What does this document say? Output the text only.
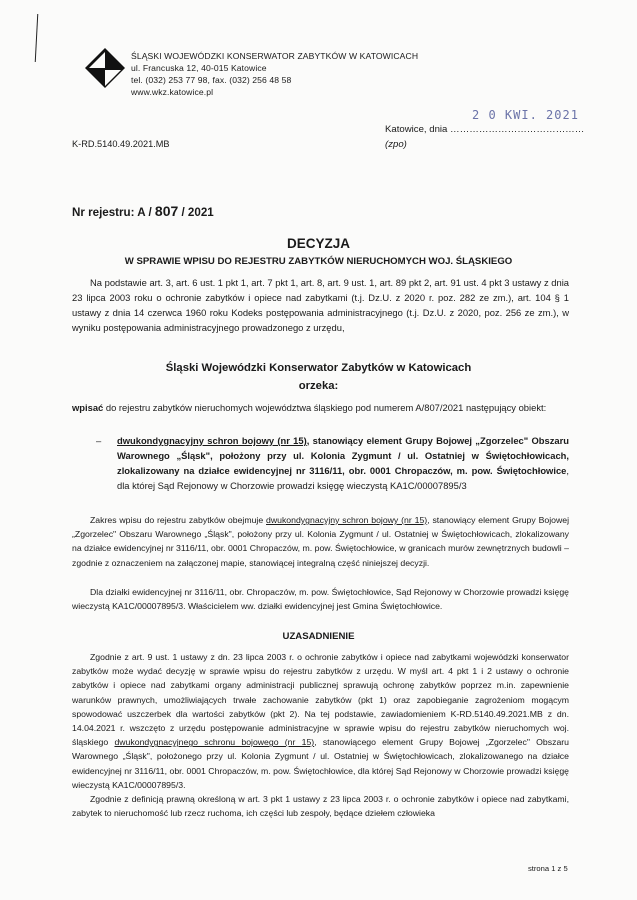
ŚLĄSKI WOJEWÓDZKI KONSERWATOR ZABYTKÓW W KATOWICACH
ul. Francuska 12, 40-015 Katowice
tel. (032) 253 77 98, fax. (032) 256 48 58
www.wkz.katowice.pl
2 0 KWI. 2021
Katowice, dnia ……………………………………
(zpo)
K-RD.5140.49.2021.MB
Nr rejestru: A / 807 / 2021
DECYZJA
W SPRAWIE WPISU DO REJESTRU ZABYTKÓW NIERUCHOMYCH WOJ. ŚLĄSKIEGO
Na podstawie art. 3, art. 6 ust. 1 pkt 1, art. 7 pkt 1, art. 8, art. 9 ust. 1, art. 89 pkt 2, art. 91 ust. 4 pkt 3 ustawy z dnia 23 lipca 2003 roku o ochronie zabytków i opiece nad zabytkami (t.j. Dz.U. z 2020 r. poz. 282 ze zm.), art. 104 § 1 ustawy z dnia 14 czerwca 1960 roku Kodeks postępowania administracyjnego (t.j. Dz.U. z 2020, poz. 256 ze zm.), w wyniku postępowania administracyjnego prowadzonego z urzędu,
Śląski Wojewódzki Konserwator Zabytków w Katowicach
orzeka:
wpisać do rejestru zabytków nieruchomych województwa śląskiego pod numerem A/807/2021 następujący obiekt:
– dwukondygnacyjny schron bojowy (nr 15), stanowiący element Grupy Bojowej „Zgorzelec" Obszaru Warownego „Śląsk", położony przy ul. Kolonia Zygmunt / ul. Ostatniej w Świętochłowicach, zlokalizowany na działce ewidencyjnej nr 3116/11, obr. 0001 Chropaczów, m. pow. Świętochłowice, dla której Sąd Rejonowy w Chorzowie prowadzi księgę wieczystą KA1C/00007895/3
Zakres wpisu do rejestru zabytków obejmuje dwukondygnacyjny schron bojowy (nr 15), stanowiący element Grupy Bojowej „Zgorzelec" Obszaru Warownego „Śląsk", położony przy ul. Kolonia Zygmunt / ul. Ostatniej w Świętochłowicach, zlokalizowany na działce ewidencyjnej nr 3116/11, obr. 0001 Chropaczów, m. pow. Świętochłowice, w granicach murów zewnętrznych budowli – zgodnie z oznaczeniem na załączonej mapie, stanowiącej integralną część niniejszej decyzji.
Dla działki ewidencyjnej nr 3116/11, obr. Chropaczów, m. pow. Świętochłowice, Sąd Rejonowy w Chorzowie prowadzi księgę wieczystą KA1C/00007895/3. Właścicielem ww. działki ewidencyjnej jest Gmina Świętochłowice.
UZASADNIENIE
Zgodnie z art. 9 ust. 1 ustawy z dn. 23 lipca 2003 r. o ochronie zabytków i opiece nad zabytkami wojewódzki konserwator zabytków może wydać decyzję w sprawie wpisu do rejestru zabytków z urzędu. W myśl art. 4 pkt 1 i 2 ustawy o ochronie zabytków i opiece nad zabytkami organy administracji publicznej sprawują ochronę zabytków poprzez m.in. zapewnienie warunków prawnych, umożliwiających trwałe zachowanie zabytków (pkt 1) oraz zapobieganie zagrożeniom mogącym spowodować uszczerbek dla wartości zabytków (pkt 2). Na tej podstawie, zawiadomieniem K-RD.5140.49.2021.MB z dn. 14.04.2021 r. wszczęto z urzędu postępowanie administracyjne w sprawie wpisu do rejestru zabytków nieruchomych woj. śląskiego dwukondygnacyjnego schronu bojowego (nr 15), stanowiącego element Grupy Bojowej „Zgorzelec" Obszaru Warownego „Śląsk", położonego przy ul. Kolonia Zygmunt / ul. Ostatniej w Świętochłowicach, zlokalizowanego na działce ewidencyjnej nr 3116/11, obr. 0001 Chropaczów, m. pow. Świętochłowice, dla której Sąd Rejonowy w Chorzowie prowadzi księgę wieczystą KA1C/00007895/3.
Zgodnie z definicją prawną określoną w art. 3 pkt 1 ustawy z 23 lipca 2003 r. o ochronie zabytków i opiece nad zabytkami, zabytek to nieruchomość lub rzecz ruchoma, ich części lub zespoły, będące dziełem człowieka
strona 1 z 5
